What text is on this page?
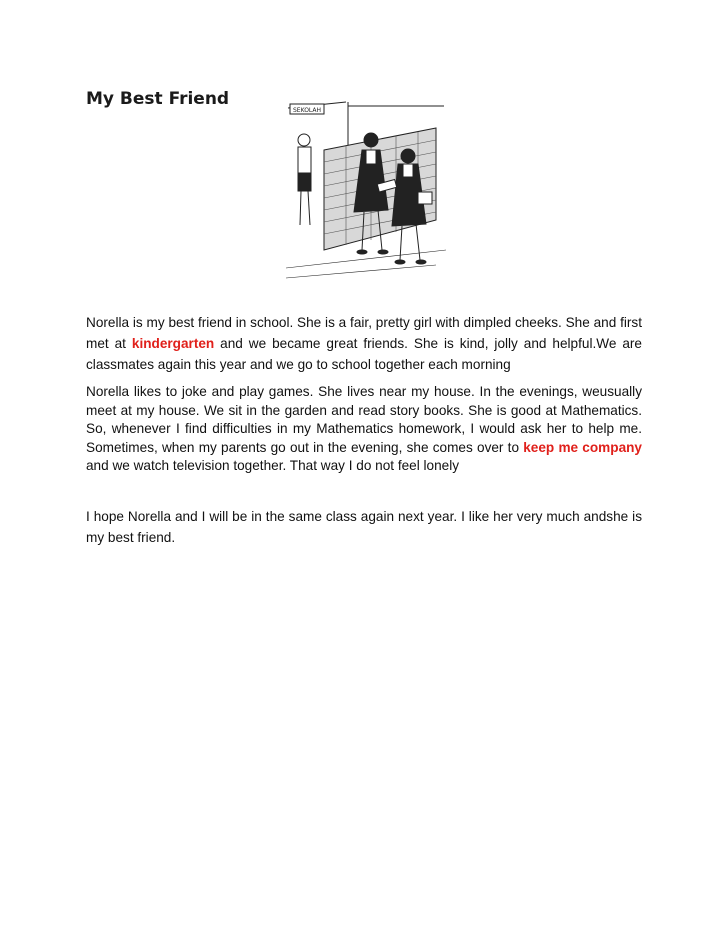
My Best Friend
SEKOLAH

Norella is my best friend in school. She is a fair, pretty girl with dimpled cheeks. She and first met at kindergarten and we became great friends. She is kind, jolly and helpful.We are classmates again this year and we go to school together each morning

Norella likes to joke and play games. She lives near my house. In the evenings, weusually meet at my house. We sit in the garden and read story books. She is good at Mathematics. So, whenever I find difficulties in my Mathematics homework, I would ask her to help me. Sometimes, when my parents go out in the evening, she comes over to keep me company and we watch television together. That way I do not feel lonely

I hope Norella and I will be in the same class again next year. I like her very much andshe is my best friend.
